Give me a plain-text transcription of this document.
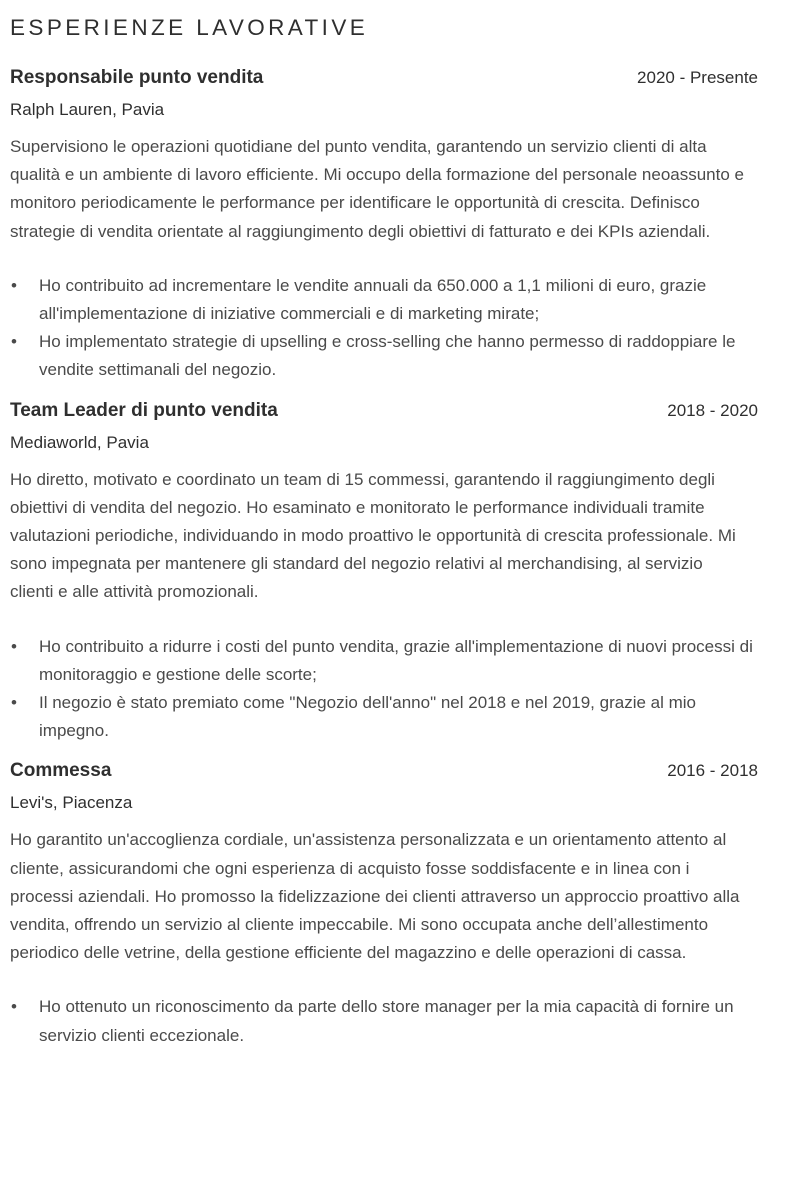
ESPERIENZE LAVORATIVE
Responsabile punto vendita	2020 - Presente
Ralph Lauren, Pavia

Supervisiono le operazioni quotidiane del punto vendita, garantendo un servizio clienti di alta qualità e un ambiente di lavoro efficiente. Mi occupo della formazione del personale neoassunto e monitoro periodicamente le performance per identificare le opportunità di crescita. Definisco strategie di vendita orientate al raggiungimento degli obiettivi di fatturato e dei KPIs aziendali.

•	Ho contribuito ad incrementare le vendite annuali da 650.000 a 1,1 milioni di euro, grazie all'implementazione di iniziative commerciali e di marketing mirate;
•	Ho implementato strategie di upselling e cross-selling che hanno permesso di raddoppiare le vendite settimanali del negozio.
Team Leader di punto vendita	2018 - 2020
Mediaworld, Pavia

Ho diretto, motivato e coordinato un team di 15 commessi, garantendo il raggiungimento degli obiettivi di vendita del negozio. Ho esaminato e monitorato le performance individuali tramite valutazioni periodiche, individuando in modo proattivo le opportunità di crescita professionale. Mi sono impegnata per mantenere gli standard del negozio relativi al merchandising, al servizio clienti e alle attività promozionali.

•	Ho contribuito a ridurre i costi del punto vendita, grazie all'implementazione di nuovi processi di monitoraggio e gestione delle scorte;
•	Il negozio è stato premiato come "Negozio dell'anno" nel 2018 e nel 2019, grazie al mio impegno.
Commessa	2016 - 2018
Levi's, Piacenza

Ho garantito un'accoglienza cordiale, un'assistenza personalizzata e un orientamento attento al cliente, assicurandomi che ogni esperienza di acquisto fosse soddisfacente e in linea con i processi aziendali. Ho promosso la fidelizzazione dei clienti attraverso un approccio proattivo alla vendita, offrendo un servizio al cliente impeccabile. Mi sono occupata anche dell’allestimento periodico delle vetrine, della gestione efficiente del magazzino e delle operazioni di cassa.

•	Ho ottenuto un riconoscimento da parte dello store manager per la mia capacità di fornire un servizio clienti eccezionale.
